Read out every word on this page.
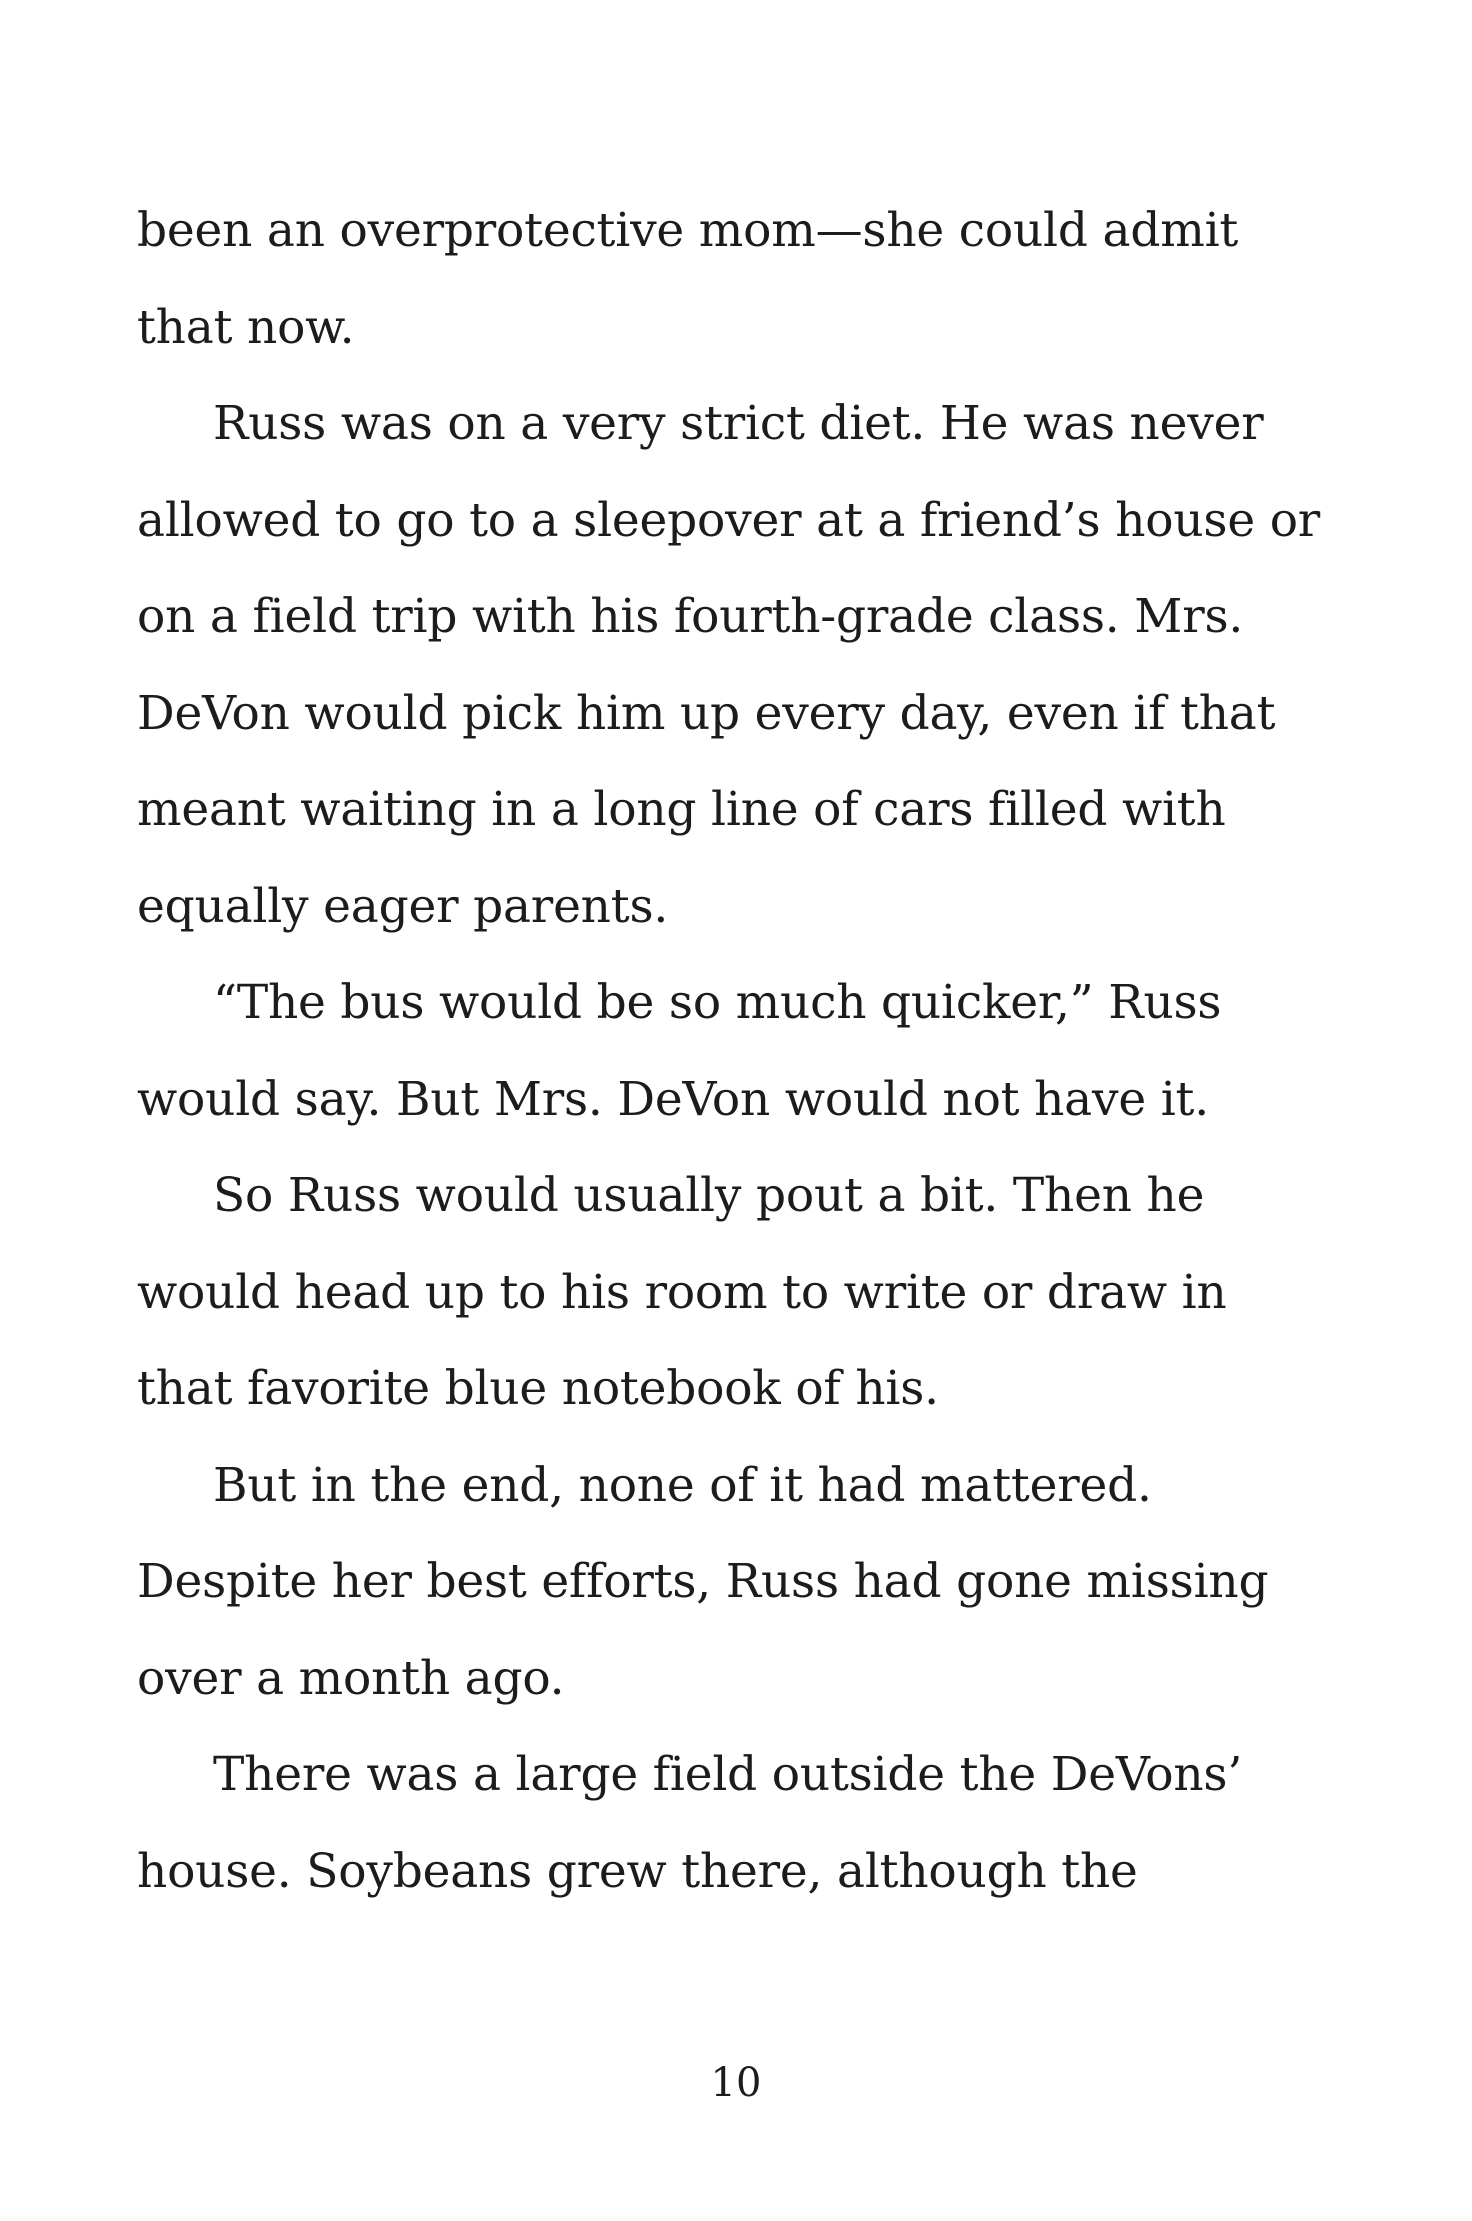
been an overprotective mom—she could admit
that now.
Russ was on a very strict diet. He was never
allowed to go to a sleepover at a friend’s house or
on a field trip with his fourth-grade class. Mrs.
DeVon would pick him up every day, even if that
meant waiting in a long line of cars filled with
equally eager parents.
“The bus would be so much quicker,” Russ
would say. But Mrs. DeVon would not have it.
So Russ would usually pout a bit. Then he
would head up to his room to write or draw in
that favorite blue notebook of his.
But in the end, none of it had mattered.
Despite her best efforts, Russ had gone missing
over a month ago.
There was a large field outside the DeVons’
house. Soybeans grew there, although the
10
